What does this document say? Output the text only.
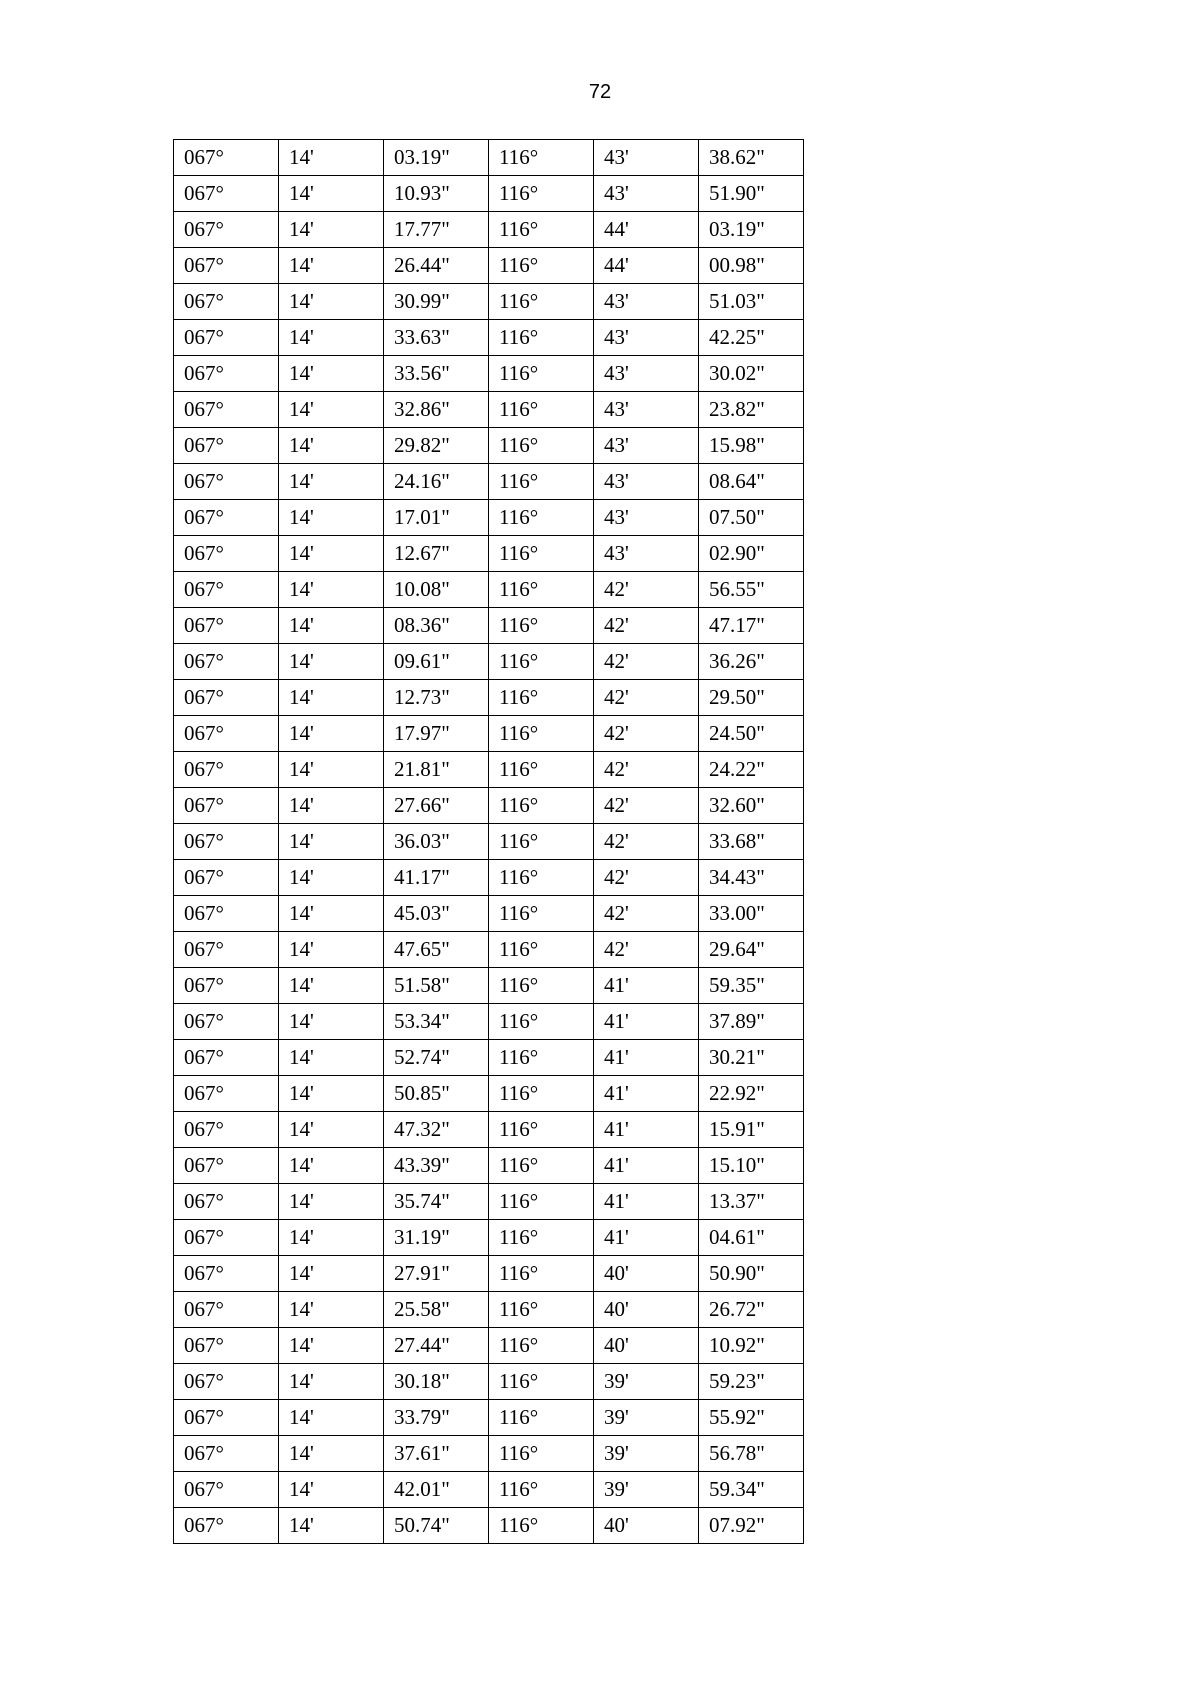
72
067°	14'	03.19"	116°	43'	38.62"
067°	14'	10.93"	116°	43'	51.90"
067°	14'	17.77"	116°	44'	03.19"
067°	14'	26.44"	116°	44'	00.98"
067°	14'	30.99"	116°	43'	51.03"
067°	14'	33.63"	116°	43'	42.25"
067°	14'	33.56"	116°	43'	30.02"
067°	14'	32.86"	116°	43'	23.82"
067°	14'	29.82"	116°	43'	15.98"
067°	14'	24.16"	116°	43'	08.64"
067°	14'	17.01"	116°	43'	07.50"
067°	14'	12.67"	116°	43'	02.90"
067°	14'	10.08"	116°	42'	56.55"
067°	14'	08.36"	116°	42'	47.17"
067°	14'	09.61"	116°	42'	36.26"
067°	14'	12.73"	116°	42'	29.50"
067°	14'	17.97"	116°	42'	24.50"
067°	14'	21.81"	116°	42'	24.22"
067°	14'	27.66"	116°	42'	32.60"
067°	14'	36.03"	116°	42'	33.68"
067°	14'	41.17"	116°	42'	34.43"
067°	14'	45.03"	116°	42'	33.00"
067°	14'	47.65"	116°	42'	29.64"
067°	14'	51.58"	116°	41'	59.35"
067°	14'	53.34"	116°	41'	37.89"
067°	14'	52.74"	116°	41'	30.21"
067°	14'	50.85"	116°	41'	22.92"
067°	14'	47.32"	116°	41'	15.91"
067°	14'	43.39"	116°	41'	15.10"
067°	14'	35.74"	116°	41'	13.37"
067°	14'	31.19"	116°	41'	04.61"
067°	14'	27.91"	116°	40'	50.90"
067°	14'	25.58"	116°	40'	26.72"
067°	14'	27.44"	116°	40'	10.92"
067°	14'	30.18"	116°	39'	59.23"
067°	14'	33.79"	116°	39'	55.92"
067°	14'	37.61"	116°	39'	56.78"
067°	14'	42.01"	116°	39'	59.34"
067°	14'	50.74"	116°	40'	07.92"
